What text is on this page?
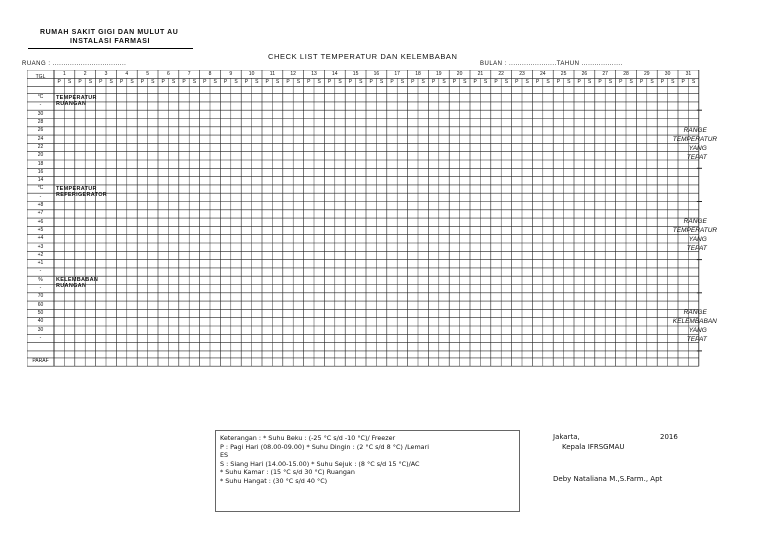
RUMAH SAKIT GIGI DAN MULUT AU
INSTALASI FARMASI
CHECK LIST TEMPERATUR DAN KELEMBABAN
RUANG : ..................................	BULAN : ......................TAHUN ...................
TGL
1	2	3	4	5	6	7	8	9	10	11	12	13	14	15	16	17	18	19	20	21	22	23	24	25	26	27	28	29	30	31
P	S	P	S	P	S	P	S	P	S	P	S	P	S	P	S	P	S	P	S	P	S	P	S	P	S	P	S	P	S	P	S	P	S	P	S	P	S	P	S	P	S	P	S	P	S	P	S	P	S	P	S	P	S	P	S	P	S	P	S	P	S
°C	TEMPERATUR RUANGAN
-
30
28
26
24
22
20
18
16
14
°C	TEMPERATUR REFERIGERATOR
-
+8
+7
+6
+5
+4
+3
+2
+1
-
%	KELEMBABAN RUANGAN
-
70
60
50
40
30
-
PARAF
RANGE
TEMPERATUR
YANG TEPAT
RANGE
TEMPERATUR
YANG TEPAT
RANGE
KELEMBABAN
YANG TEPAT
Keterangan : * Suhu Beku : (-25 °C s/d -10 °C)/ Freezer
P : Pagi Hari (08.00-09.00) * Suhu Dingin : (2 °C s/d 8 °C) /Lemari
ES
S : Siang Hari (14.00-15.00) * Suhu Sejuk : (8 °C s/d 15 °C)/AC
* Suhu Kamar : (15 °C s/d 30 °C) Ruangan
* Suhu Hangat : (30 °C s/d 40 °C)
Jakarta,	2016
Kepala IFRSGMAU
Deby Nataliana M.,S.Farm., Apt
